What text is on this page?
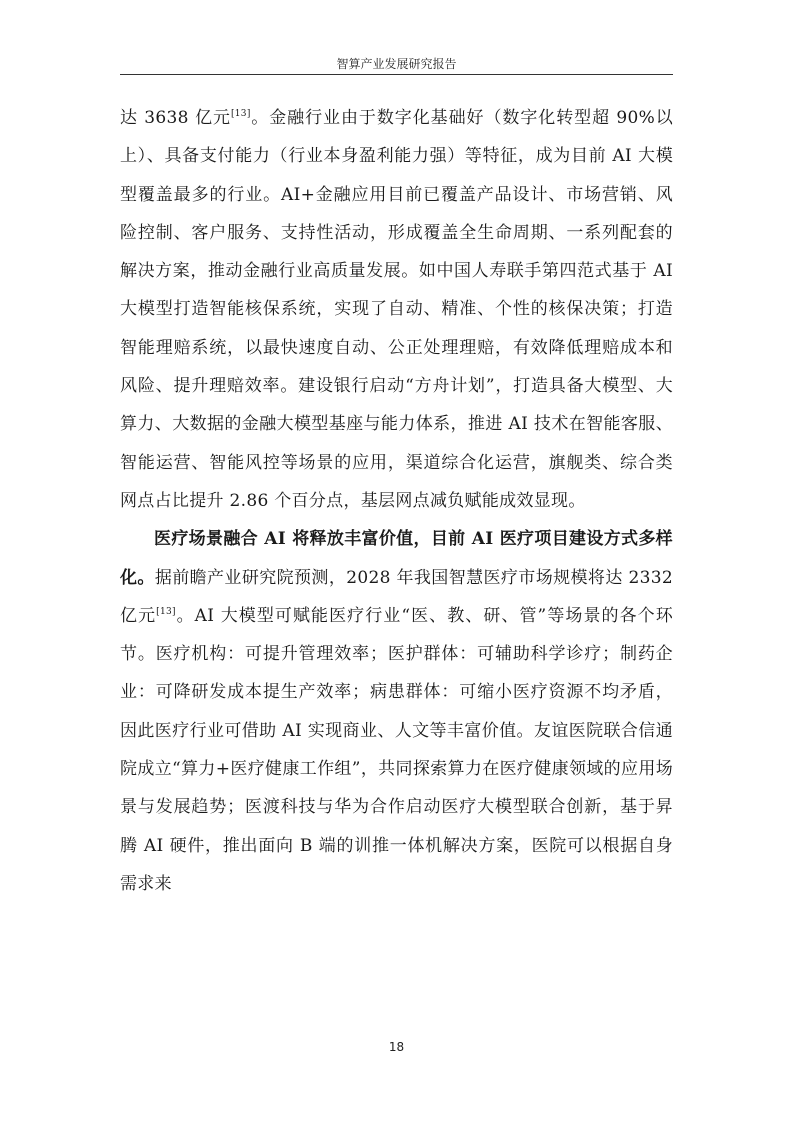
智算产业发展研究报告

达 3638 亿元[13]。金融行业由于数字化基础好（数字化转型超 90%以上）、具备支付能力（行业本身盈利能力强）等特征，成为目前 AI 大模型覆盖最多的行业。AI+金融应用目前已覆盖产品设计、市场营销、风险控制、客户服务、支持性活动，形成覆盖全生命周期、一系列配套的解决方案，推动金融行业高质量发展。如中国人寿联手第四范式基于 AI 大模型打造智能核保系统，实现了自动、精准、个性的核保决策；打造智能理赔系统，以最快速度自动、公正处理理赔，有效降低理赔成本和风险、提升理赔效率。建设银行启动“方舟计划”，打造具备大模型、大算力、大数据的金融大模型基座与能力体系，推进 AI 技术在智能客服、智能运营、智能风控等场景的应用，渠道综合化运营，旗舰类、综合类网点占比提升 2.86 个百分点，基层网点减负赋能成效显现。

医疗场景融合 AI 将释放丰富价值，目前 AI 医疗项目建设方式多样化。据前瞻产业研究院预测，2028 年我国智慧医疗市场规模将达 2332 亿元[13]。AI 大模型可赋能医疗行业“医、教、研、管”等场景的各个环节。医疗机构：可提升管理效率；医护群体：可辅助科学诊疗；制药企业：可降研发成本提生产效率；病患群体：可缩小医疗资源不均矛盾，因此医疗行业可借助 AI 实现商业、人文等丰富价值。友谊医院联合信通院成立“算力+医疗健康工作组”，共同探索算力在医疗健康领域的应用场景与发展趋势；医渡科技与华为合作启动医疗大模型联合创新，基于昇腾 AI 硬件，推出面向 B 端的训推一体机解决方案，医院可以根据自身需求来

18
